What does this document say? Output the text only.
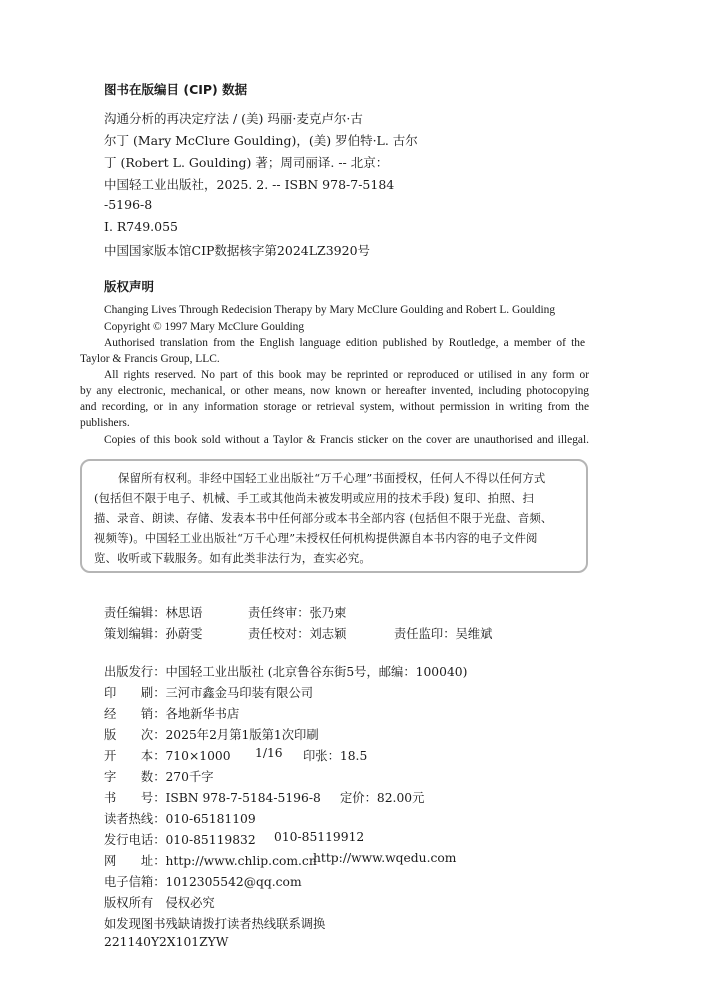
图书在版编目 (CIP) 数据
沟通分析的再决定疗法 / (美) 玛丽·麦克卢尔·古
尔丁 (Mary McClure Goulding)，(美) 罗伯特·L. 古尔
丁 (Robert L. Goulding) 著；周司丽译. -- 北京：
中国轻工业出版社，2025. 2. -- ISBN 978-7-5184
-5196-8
Ⅰ. R749.055
中国国家版本馆CIP数据核字第2024LZ3920号
版权声明
Changing Lives Through Redecision Therapy by Mary McClure Goulding and Robert L. Goulding
Copyright © 1997 Mary McClure Goulding
Authorised translation from the English language edition published by Routledge, a member of the
Taylor & Francis Group, LLC.
All rights reserved. No part of this book may be reprinted or reproduced or utilised in any form or
by any electronic, mechanical, or other means, now known or hereafter invented, including photocopying
and recording, or in any information storage or retrieval system, without permission in writing from the
publishers.
Copies of this book sold without a Taylor & Francis sticker on the cover are unauthorised and illegal.
保留所有权利。非经中国轻工业出版社“万千心理”书面授权，任何人不得以任何方式
(包括但不限于电子、机械、手工或其他尚未被发明或应用的技术手段) 复印、拍照、扫
描、录音、朗读、存储、发表本书中任何部分或本书全部内容 (包括但不限于光盘、音频、
视频等)。中国轻工业出版社“万千心理”未授权任何机构提供源自本书内容的电子文件阅
览、收听或下载服务。如有此类非法行为，查实必究。
责任编辑：林思语	责任终审：张乃柬
策划编辑：孙蔚雯	责任校对：刘志颖	责任监印：吴维斌
出版发行：中国轻工业出版社 (北京鲁谷东街5号，邮编：100040)
印　　刷：三河市鑫金马印装有限公司
经　　销：各地新华书店
版　　次：2025年2月第1版第1次印刷
开　　本：710×1000 1/16 印张：18.5
字　　数：270千字
书　　号：ISBN 978-7-5184-5196-8 定价：82.00元
读者热线：010-65181109
发行电话：010-85119832 010-85119912
网　　址：http://www.chlip.com.cn
http://www.wqedu.com
电子信箱：1012305542@qq.com
版权所有　侵权必究
如发现图书残缺请拨打读者热线联系调换
221140Y2X101ZYW
